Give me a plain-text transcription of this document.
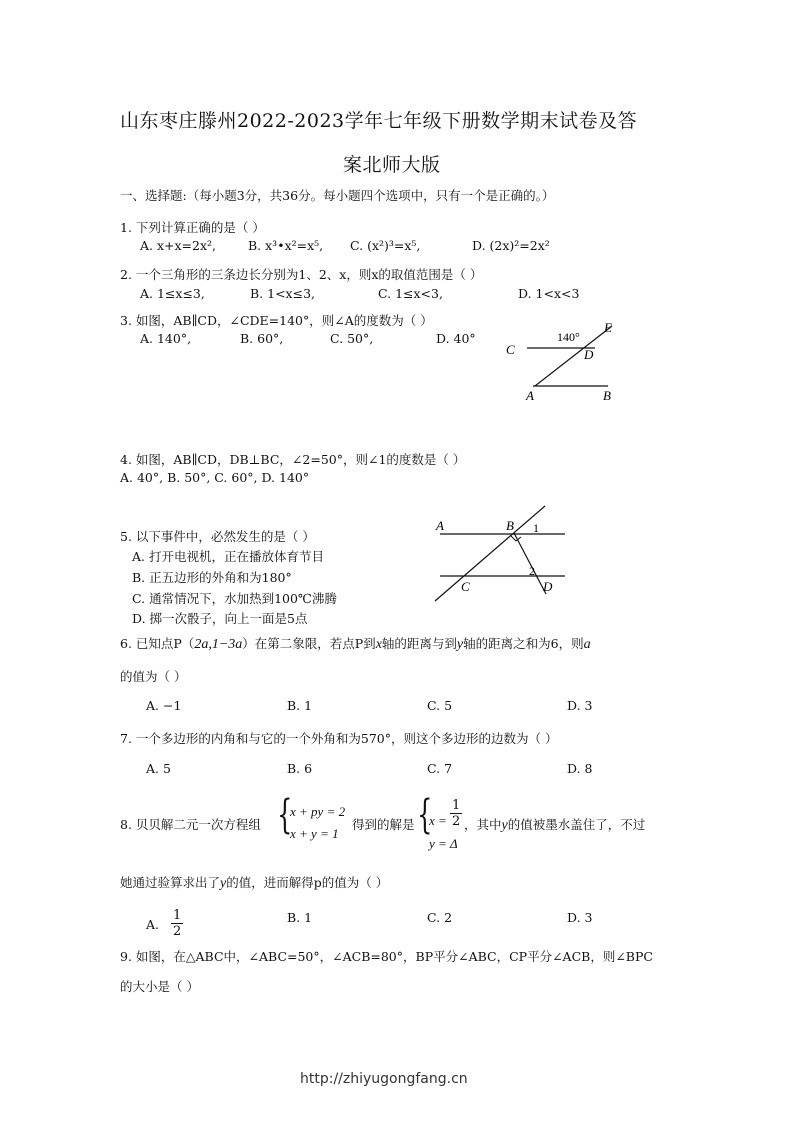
山东枣庄滕州2022-2023学年七年级下册数学期末试卷及答
案北师大版
一、选择题:（每小题3分，共36分。每小题四个选项中，只有一个是正确的。）
1. 下列计算正确的是（ ）
A. x+x=2x²,	B. x³•x²=x⁵, C. (x²)³=x⁵,	D. (2x)²=2x²
2. 一个三角形的三条边长分别为1、2、x，则x的取值范围是（ ）
A. 1≤x≤3,	B. 1<x≤3,	C. 1≤x<3,	D. 1<x<3
3. 如图，AB∥CD，∠CDE=140°，则∠A的度数为（ ）
A. 140°,	B. 60°,	C. 50°,	D. 40°	140°
E
C	D
A	B
4. 如图，AB∥CD，DB⊥BC，∠2=50°，则∠1的度数是（ ）
A. 40°, B. 50°, C. 60°, D. 140°
A	B 1
2
C	D
5. 以下事件中，必然发生的是（ ）
A. 打开电视机，正在播放体育节目
B. 正五边形的外角和为180°
C. 通常情况下，水加热到100℃沸腾
D. 掷一次骰子，向上一面是5点
6. 已知点P（2a,1−3a）在第二象限，若点P到x轴的距离与到y轴的距离之和为6，则a
的值为（ ）
A. −1	B. 1	C. 5	D. 3
7. 一个多边形的内角和与它的一个外角和为570°，则这个多边形的边数为（ ）
A. 5	B. 6	C. 7	D. 8
8. 贝贝解二元一次方程组 {
x + py = 2
x + y = 1
得到的解是 {
$x = \frac{1}{2}$
y = Δ
，其中y的值被墨水盖住了，不过
她通过验算求出了y的值，进而解得p的值为（ ）
A. $\frac{1}{2}$	B. 1	C. 2	D. 3
9. 如图，在△ABC中，∠ABC=50°，∠ACB=80°，BP平分∠ABC，CP平分∠ACB，则∠BPC
的大小是（ ）
http://zhiyugongfang.cn
